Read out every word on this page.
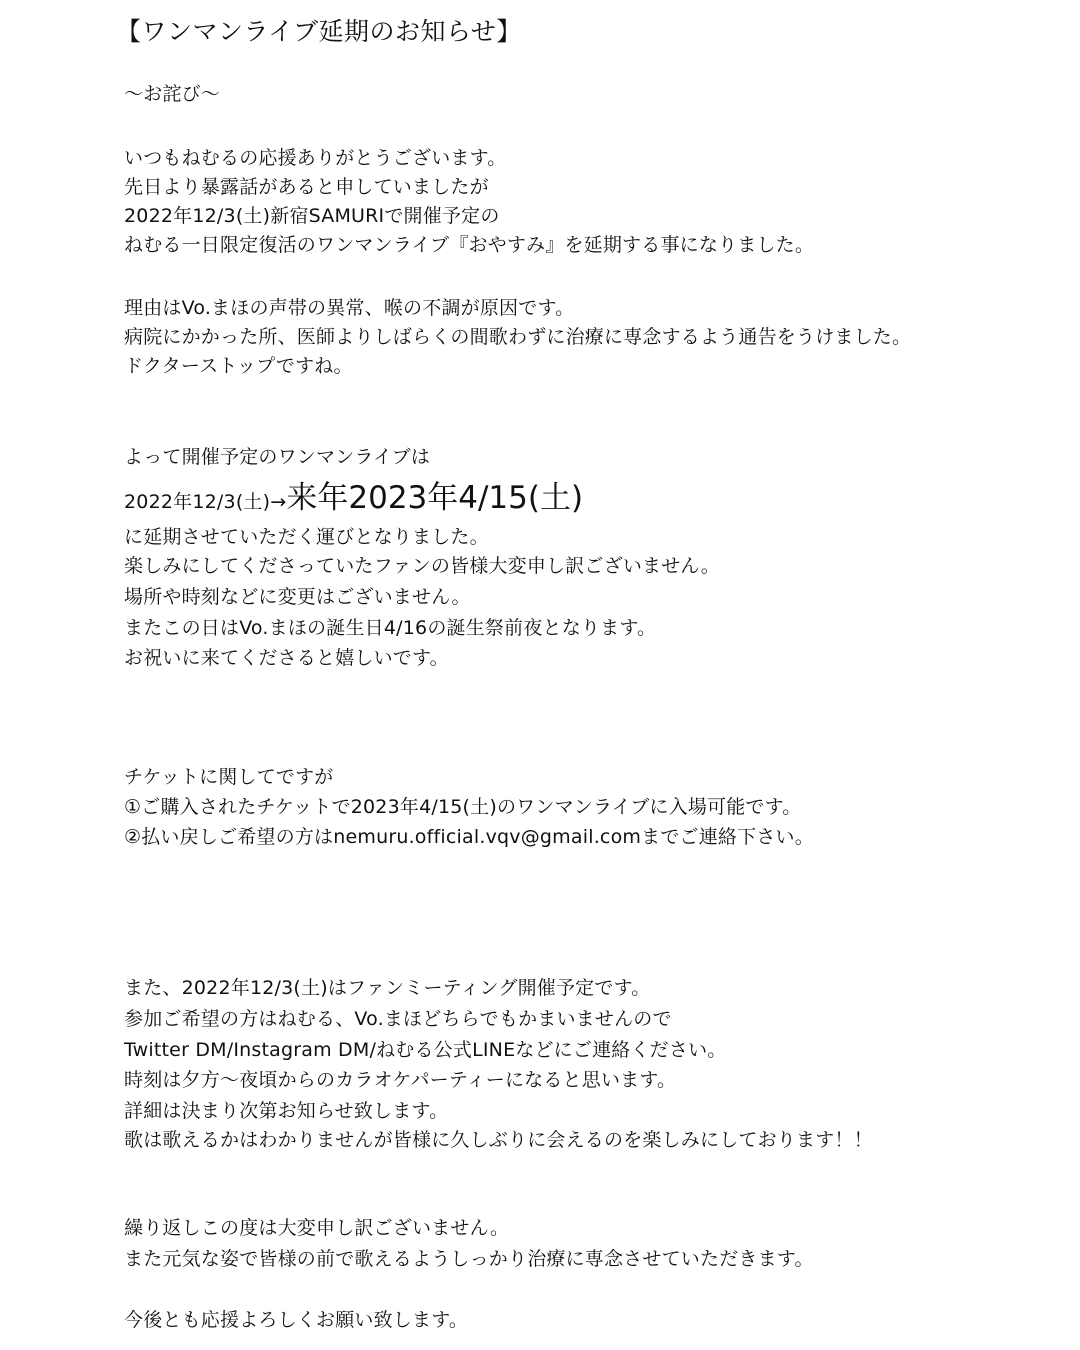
【ワンマンライブ延期のお知らせ】
〜お詫び〜
いつもねむるの応援ありがとうございます。
先日より暴露話があると申していましたが
2022年12/3(土)新宿SAMURIで開催予定の
ねむる一日限定復活のワンマンライブ『おやすみ』を延期する事になりました。
理由はVo.まほの声帯の異常、喉の不調が原因です。
病院にかかった所、医師よりしばらくの間歌わずに治療に専念するよう通告をうけました。
ドクターストップですね。
よって開催予定のワンマンライブは
2022年12/3(土)→来年2023年4/15(土)
に延期させていただく運びとなりました。
楽しみにしてくださっていたファンの皆様大変申し訳ございません。
場所や時刻などに変更はございません。
またこの日はVo.まほの誕生日4/16の誕生祭前夜となります。
お祝いに来てくださると嬉しいです。
チケットに関してですが
①ご購入されたチケットで2023年4/15(土)のワンマンライブに入場可能です。
②払い戻しご希望の方はnemuru.official.vqv@gmail.comまでご連絡下さい。
また、2022年12/3(土)はファンミーティング開催予定です。
参加ご希望の方はねむる、Vo.まほどちらでもかまいませんので
Twitter DM/Instagram DM/ねむる公式LINEなどにご連絡ください。
時刻は夕方〜夜頃からのカラオケパーティーになると思います。
詳細は決まり次第お知らせ致します。
歌は歌えるかはわかりませんが皆様に久しぶりに会えるのを楽しみにしております！！
繰り返しこの度は大変申し訳ございません。
また元気な姿で皆様の前で歌えるようしっかり治療に専念させていただきます。
今後とも応援よろしくお願い致します。
